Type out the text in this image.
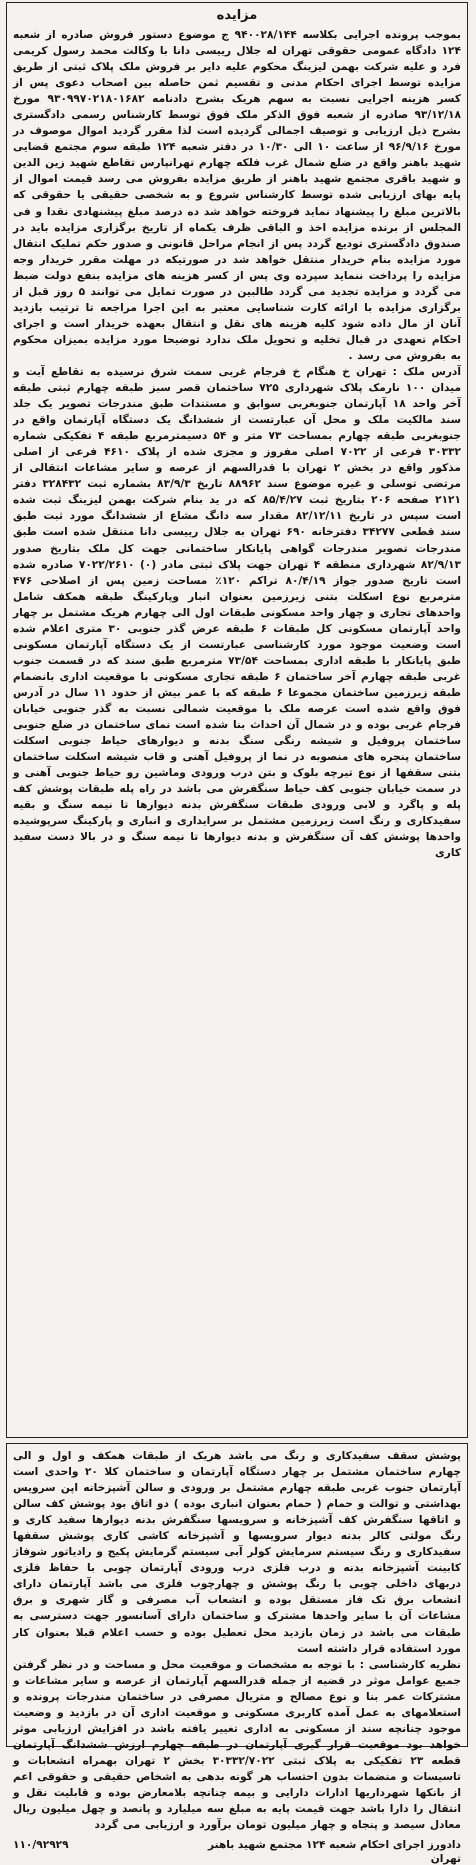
مزایده

بموجب پرونده اجرایی بکلاسه ۹۴۰۰۲۸/۱۴۴ ج موضوع دستور فروش صادره از شعبه ۱۲۴ دادگاه عمومی حقوقی تهران له جلال رییسی دانا با وکالت محمد رسول کریمی فرد و علیه شرکت بهمن لیزینگ محکوم علیه دایر بر فروش ملک پلاک ثبتی از طریق مزایده توسط اجرای احکام مدنی و تقسیم ثمن حاصله بین اصحاب دعوی پس از کسر هزینه اجرایی نسبت به سهم هریک بشرح دادنامه ۹۳۰۹۹۷۰۲۱۸۰۱۶۸۲ مورخ ۹۳/۱۲/۱۸ صادره از شعبه فوق الذکر ملک فوق توسط کارشناس رسمی دادگستری بشرح ذیل ارزیابی و توصیف اجمالی گردیده است لذا مقرر گردید اموال موصوف در مورخ ۹۶/۹/۱۶ از ساعت ۱۰ الی ۱۰/۳۰ در دفتر شعبه ۱۲۴ طبقه سوم مجتمع قضایی شهید باهنر واقع در ضلع شمال غرب فلکه چهارم تهرانپارس تقاطع شهید زین الدین و شهید باقری مجتمع شهید باهنر از طریق مزایده بفروش می رسد قیمت اموال از پایه بهای ارزیابی شده توسط کارشناس شروع و به شخصی حقیقی یا حقوقی که بالاترین مبلغ را پیشنهاد نماید فروخته خواهد شد ده درصد مبلغ پیشنهادی نقدا و فی المجلس از برنده مزایده اخذ و الباقی ظرف یکماه از تاریخ برگزاری مزایده باید در صندوق دادگستری تودیع گردد پس از انجام مراحل قانونی و صدور حکم تملیک انتقال مورد مزایده بنام خریدار منتقل خواهد شد در صورتیکه در مهلت مقرر خریدار وجه مزایده را پرداخت ننماید سپرده وی پس از کسر هزینه های مزایده بنفع دولت ضبط می گردد و مزایده تجدید می گردد طالبین در صورت تمایل می توانند ۵ روز قبل از برگزاری مزایده با ارائه کارت شناسایی معتبر به این اجرا مراجعه تا ترتیب بازدید آنان از مال داده شود کلیه هزینه های نقل و انتقال بعهده خریدار است و اجرای احکام تعهدی در قبال تخلیه و تحویل ملک ندارد توضیحا مورد مزایده بمیزان محکوم به بفروش می رسد .

آدرس ملک : تهران خ هنگام خ فرجام غربی سمت شرق نرسیده به تقاطع آیت و میدان ۱۰۰ نارمک پلاک شهرداری ۷۲۵ ساختمان قصر سبز طبقه چهارم ثبتی طبقه آخر واحد ۱۸ آپارتمان جنوبغربی سوابق و مستندات طبق مندرجات تصویر یک جلد سند مالکیت ملک و محل آن عبارتست از ششدانگ یک دستگاه آپارتمان واقع در جنوبغربی طبقه چهارم بمساحت ۷۳ متر و ۵۴ دسیمترمربع طبقه ۴ تفکیکی شماره ۳۰۳۳۲ فرعی از ۷۰۲۲ اصلی مفروز و مجزی شده از پلاک ۴۶۱۰ فرعی از اصلی مذکور واقع در بخش ۲ تهران با قدرالسهم از عرصه و سایر مشاعات انتقالی از مرتضی توسلی و غیره موضوع سند ۸۸۹۶۲ تاریخ ۸۳/۹/۳ بشماره ثبت ۳۲۸۴۳۲ دفتر ۲۱۲۱ صفحه ۲۰۶ بتاریخ ثبت ۸۵/۴/۲۷ که در ید بنام شرکت بهمن لیزینگ ثبت شده است سپس در تاریخ ۸۲/۱۲/۱۱ مقدار سه دانگ مشاع از ششدانگ مورد ثبت طبق سند قطعی ۳۴۲۷۷ دفترخانه ۶۹۰ تهران به جلال رییسی دانا منتقل شده است طبق مندرجات تصویر مندرجات گواهی پایانکار ساختمانی جهت کل ملک بتاریخ صدور ۸۲/۹/۱۳ شهرداری منطقه ۴ تهران جهت پلاک ثبتی مادر (۰) ۷۰۲۲/۲۶۱۰ صادره شده است تاریخ صدور جواز ۸۰/۴/۱۹ تراکم ۱۲۰٪ مساحت زمین پس از اصلاحی ۴۷۶ مترمربع نوع اسکلت بتنی زیرزمین بعنوان انبار وپارکینگ طبقه همکف شامل واحدهای تجاری و چهار واحد مسکونی طبقات اول الی چهارم هریک مشتمل بر چهار واحد آپارتمان مسکونی کل طبقات ۶ طبقه عرض گذر جنوبی ۳۰ متری اعلام شده است وضعیت موجود مورد کارشناسی عبارتست از یک دستگاه آپارتمان مسکونی طبق پایانکار با طبقه اداری بمساحت ۷۳/۵۴ مترمربع طبق سند که در قسمت جنوب غربی طبقه چهارم آخر ساختمان ۶ طبقه تجاری مسکونی با موقعیت اداری بانضمام طبقه زیرزمین ساختمان مجموعا ۶ طبقه که با عمر بیش از حدود ۱۱ سال در آدرس فوق واقع شده است عرصه ملک با موقعیت شمالی نسبت به گذر جنوبی خیابان فرجام غربی بوده و در شمال آن احداث بنا شده است نمای ساختمان در ضلع جنوبی ساختمان پروفیل و شیشه رنگی سنگ بدنه و دیوارهای حیاط جنوبی اسکلت ساختمان پنجره های منصوبه در نما از پروفیل آهنی و قاب شیشه اسکلت ساختمان بتنی سقفها از نوع تیرچه بلوک و بتن درب ورودی وماشین رو حیاط جنوبی آهنی و در سمت خیابان جنوبی کف حیاط سنگفرش می باشد در راه پله طبقات پوشش کف پله و پاگرد و لابی ورودی طبقات سنگفرش بدنه دیوارها تا نیمه سنگ و بقیه سفیدکاری و رنگ است زیرزمین مشتمل بر سرایداری و انباری و پارکینگ سرپوشیده واحدها پوشش کف آن سنگفرش و بدنه دیوارها تا نیمه سنگ و در بالا دست سفید کاری

پوشش سقف سفیدکاری و رنگ می باشد هریک از طبقات همکف و اول و الی چهارم ساختمان مشتمل بر چهار دستگاه آپارتمان و ساختمان کلا ۲۰ واحدی است آپارتمان جنوب غربی طبقه چهارم مشتمل بر ورودی و سالن آشپزخانه اپن سرویس بهداشتی و توالت و حمام ( حمام بعنوان انباری بوده ) دو اتاق بود پوشش کف سالن و اتاقها سنگفرش کف آشپزخانه و سرویسها سنگفرش بدنه دیوارها سفید کاری و رنگ مولتی کالر بدنه دیوار سرویسها و آشپزخانه کاشی کاری پوشش سقفها سفیدکاری و رنگ سیستم سرمایش کولر آبی سیستم گرمایش پکیج و رادیاتور شوفاژ کابینت آشپزخانه بدنه و درب فلزی درب ورودی آپارتمان چوبی با حفاظ فلزی دربهای داخلی چوبی با رنگ پوشش و چهارچوب فلزی می باشد آپارتمان دارای انشعاب برق تک فاز مستقل بوده و انشعاب آب مصرفی و گاز شهری و برق مشاعات آن با سایر واحدها مشترک و ساختمان دارای آسانسور جهت دسترسی به طبقات می باشد در زمان بازدید محل تعطیل بوده و حسب اعلام قبلا بعنوان کار مورد استفاده قرار داشته است

نظریه کارشناسی : با توجه به مشخصات و موقعیت محل و مساحت و در نظر گرفتن جمیع عوامل موثر در قضیه از جمله قدرالسهم آپارتمان از عرصه و سایر مشاعات و مشترکات عمر بنا و نوع مصالح و متریال مصرفی در ساختمان مندرجات پرونده و استعلامهای به عمل آمده کاربری مسکونی و موقعیت اداری آن در بازدید و وضعیت موجود چنانچه سند از مسکونی به اداری تغییر یافته باشد در افزایش ارزیابی موثر خواهد بود موقعیت قرار گیری آپارتمان در طبقه چهارم ارزش ششدانگ آپارتمان قطعه ۲۳ تفکیکی به پلاک ثبتی ۳۰۳۳۲/۷۰۲۲ بخش ۲ تهران بهمراه انشعابات و تاسیسات و منضمات بدون احتساب هر گونه بدهی به اشخاص حقیقی و حقوقی اعم از بانکها شهرداریها ادارات دارایی و بیمه چنانچه بلامعارض بوده و قابلیت نقل و انتقال را دارا باشد جهت قیمت پایه به مبلغ سه میلیارد و پانصد و چهل میلیون ریال معادل سیصد و پنجاه و چهار میلیون تومان برآورد و ارزیابی می گردد

دادورز اجرای احکام شعبه ۱۲۴ مجتمع شهید باهنر
۱۱۰/۹۲۹۲۹
تهران
